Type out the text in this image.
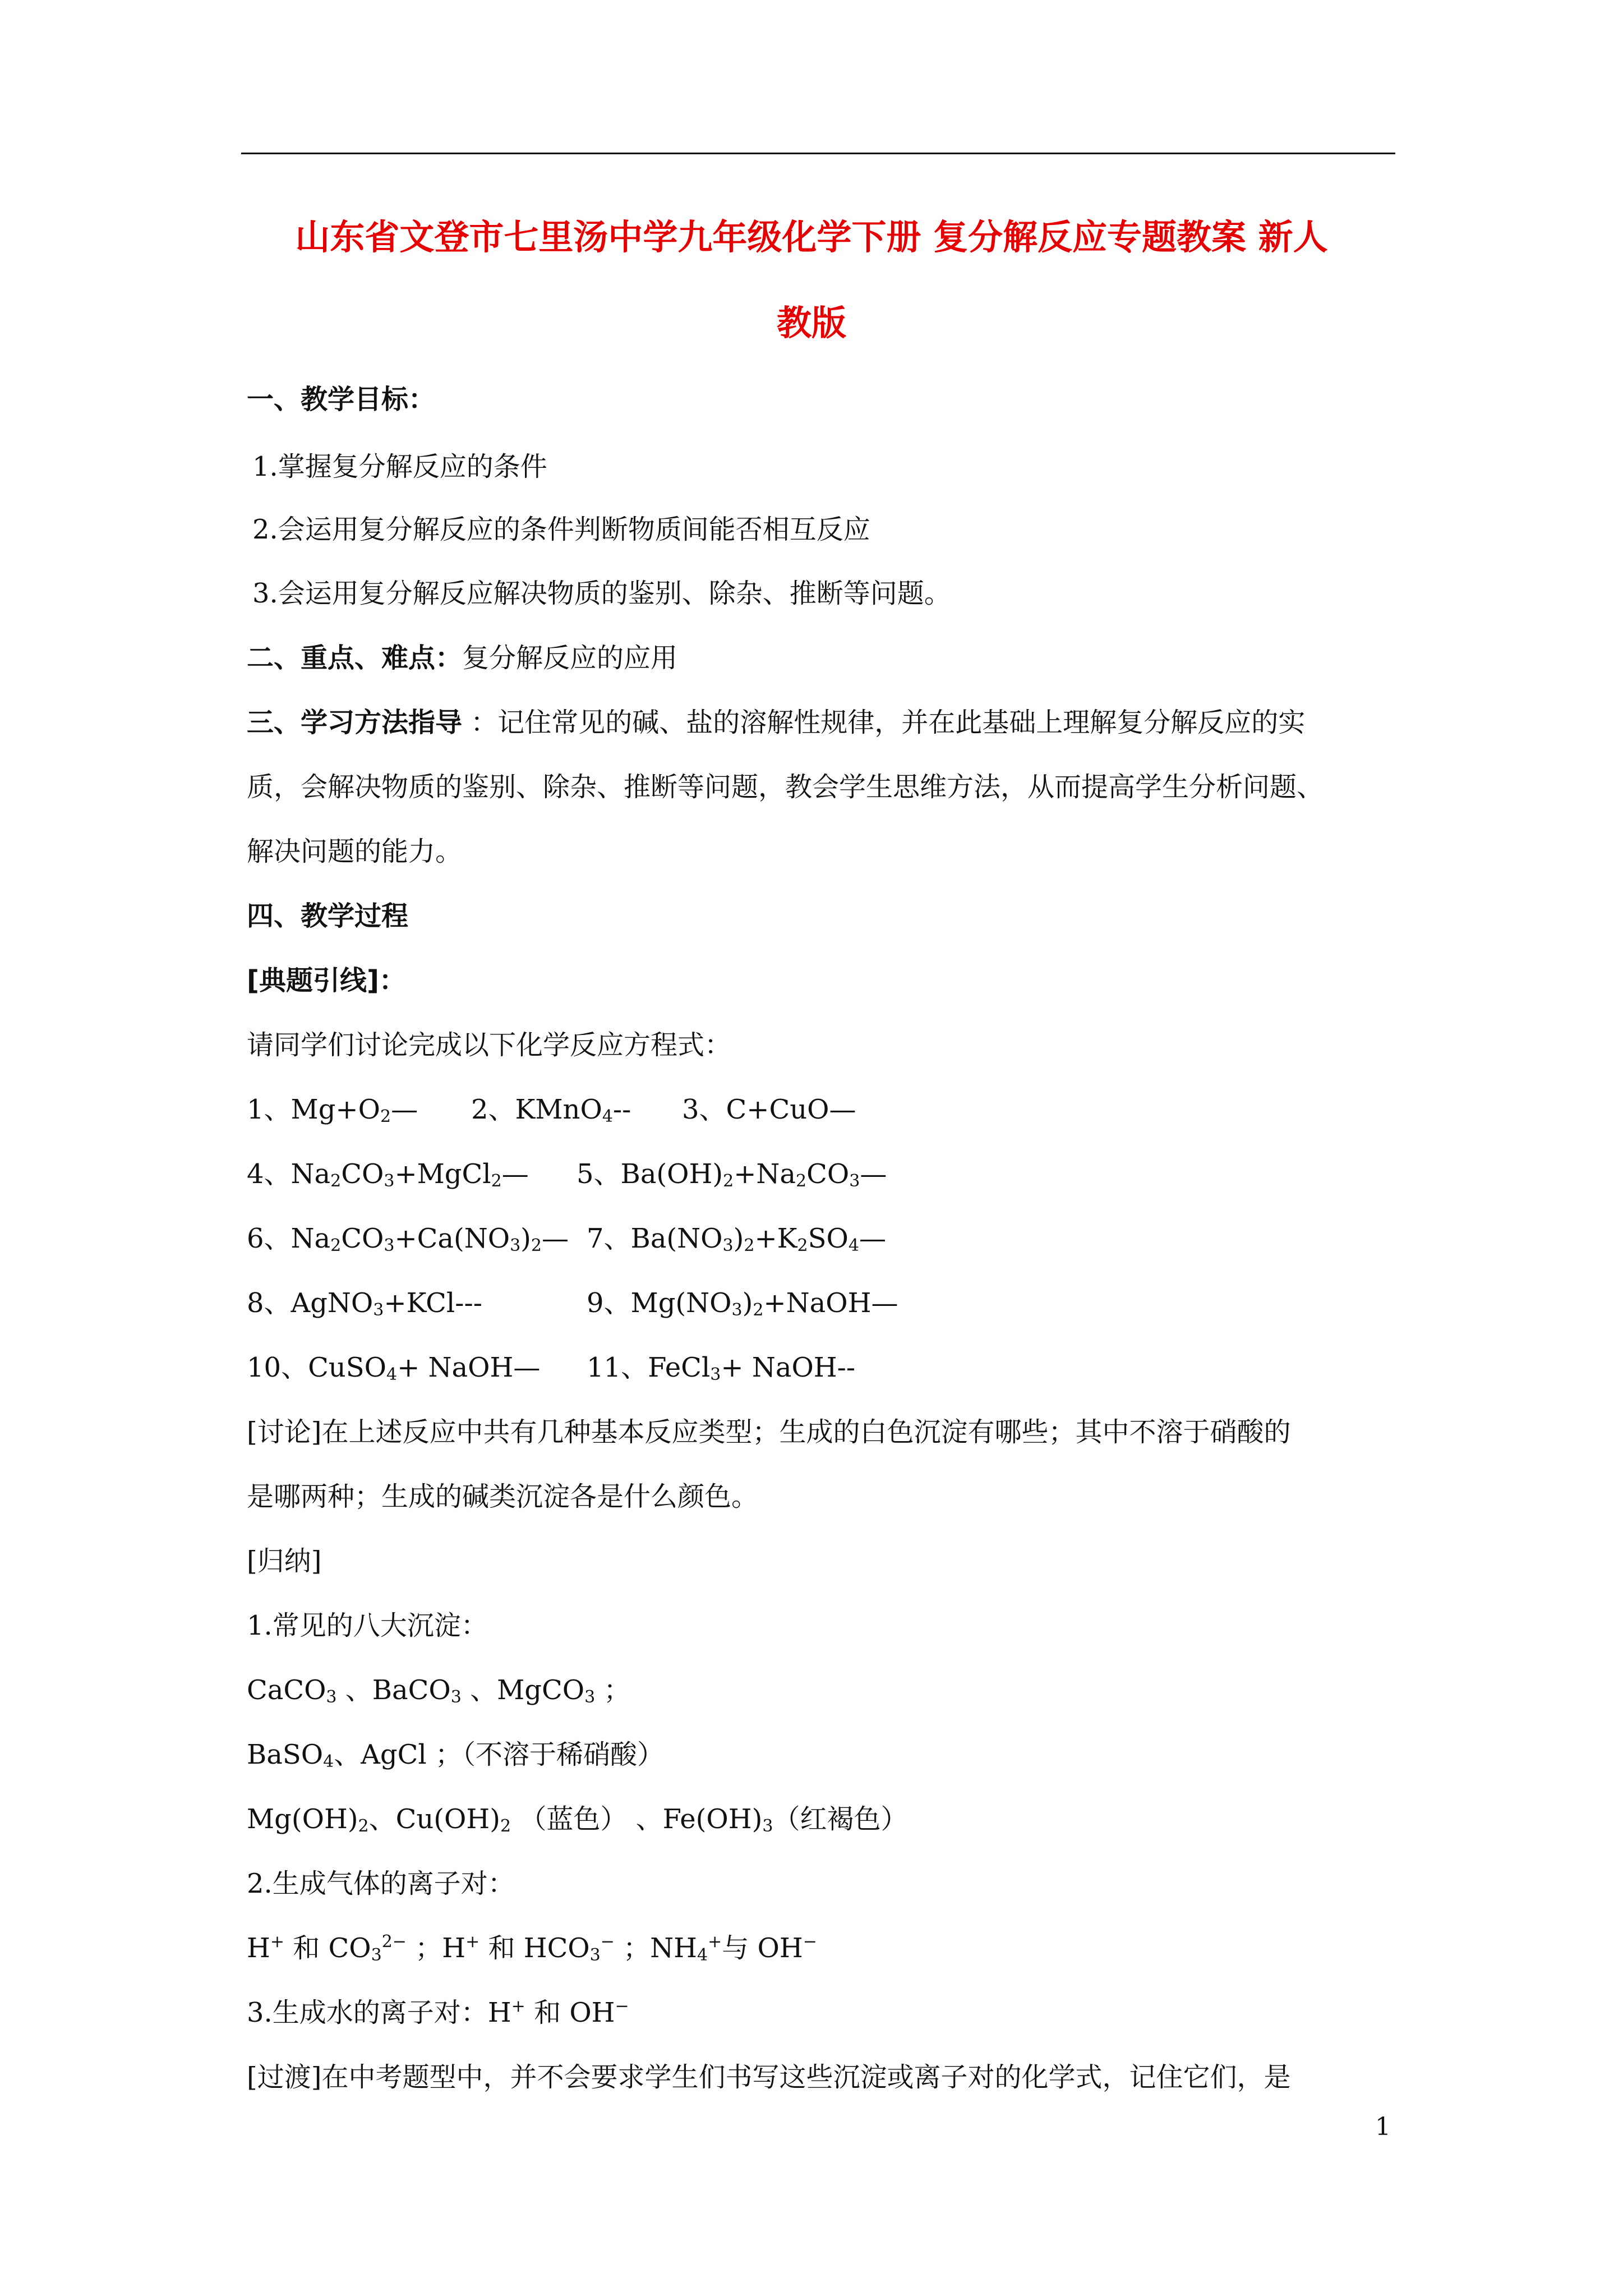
山东省文登市七里汤中学九年级化学下册 复分解反应专题教案 新人
教版
一、教学目标：
1.掌握复分解反应的条件
2.会运用复分解反应的条件判断物质间能否相互反应
3.会运用复分解反应解决物质的鉴别、除杂、推断等问题。
二、重点、难点：复分解反应的应用
三、学习方法指导 ：记住常见的碱、盐的溶解性规律，并在此基础上理解复分解反应的实
质，会解决物质的鉴别、除杂、推断等问题，教会学生思维方法，从而提高学生分析问题、
解决问题的能力。
四、教学过程
[典题引线]：
请同学们讨论完成以下化学反应方程式：
1、$Mg+O_2—$ 2、KMnO$_4$-- 3、C+CuO—
4、$Na_2CO_3+MgCl_2—$ 5、$Ba(OH)_2+Na_2CO_3—$
6、$Na_2CO_3+Ca(NO_3)_2—$ 7、$Ba(NO_3)_2+K_2SO_4—$
8、AgNO$_3$+KCl---	9、$Mg(NO_3)_2+NaOH—$
10、CuSO$_4$+ NaOH— 11、FeCl$_3$+ NaOH--
[讨论]在上述反应中共有几种基本反应类型；生成的白色沉淀有哪些；其中不溶于硝酸的
是哪两种；生成的碱类沉淀各是什么颜色。
[归纳]
1.常见的八大沉淀：
CaCO$_3$ 、BaCO$_3$ 、MgCO$_3$ ；
BaSO$_4$、AgCl ；（不溶于稀硝酸）
$Mg(OH)_2$、$Cu(OH)_2$ （蓝色） 、$Fe(OH)_3$（红褐色）
2.生成气体的离子对：
H+ 和 $CO_3^{2-}$ ；H+ 和 $HCO_3^-$ ；$NH_4^+$与 OH−
3.生成水的离子对：H+ 和 OH−
[过渡]在中考题型中，并不会要求学生们书写这些沉淀或离子对的化学式，记住它们，是
1
